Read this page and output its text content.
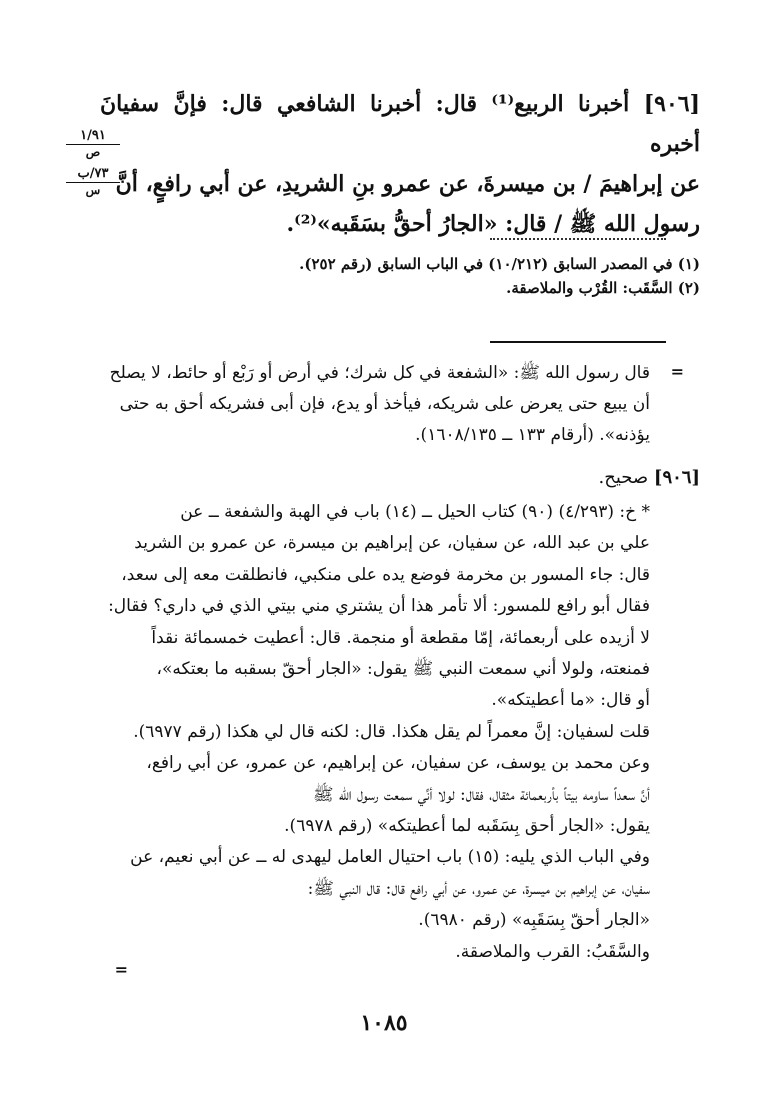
[٩٠٦] أخبرنا الربيع⁽¹⁾ قال: أخبرنا الشافعي قال: فإنَّ سفيانَ أخبره

عن إبراهيمَ / بن ميسرةَ، عن عمرو بنِ الشريدِ، عن أبي رافعٍ، أنَّ

رسول الله ﷺ / قال: «الجارُ أحقُّ بسَقَبه»⁽²⁾.

١/٩١
ص
٧٣/ب
س

(١) في المصدر السابق (١٠/٢١٢) في الباب السابق (رقم ٢٥٢).

(٢) السَّقَب: القُرْب والملاصقة.

=

قال رسول الله ﷺ: «الشفعة في كل شرك؛ في أرض أو رَبْع أو حائط، لا يصلح

أن يبيع حتى يعرض على شريكه، فيأخذ أو يدع، فإن أبى فشريكه أحق به حتى

يؤذنه». (أرقام ١٣٣ ــ ١٦٠٨/١٣٥).

[٩٠٦] صحيح.

* خ: (٤/٢٩٣) (٩٠) كتاب الحيل ــ (١٤) باب في الهبة والشفعة ــ عن

علي بن عبد الله، عن سفيان، عن إبراهيم بن ميسرة، عن عمرو بن الشريد

قال: جاء المسور بن مخرمة فوضع يده على منكبي، فانطلقت معه إلى سعد،

فقال أبو رافع للمسور: ألا تأمر هذا أن يشتري مني بيتي الذي في داري؟ فقال:

لا أزيده على أربعمائة، إمّا مقطعة أو منجمة. قال: أعطيت خمسمائة نقداً

فمنعته، ولولا أني سمعت النبي ﷺ يقول: «الجار أحقّ بسقبه ما بعتكه»،

أو قال: «ما أعطيتكه».

قلت لسفيان: إنَّ معمراً لم يقل هكذا. قال: لكنه قال لي هكذا (رقم ٦٩٧٧).

وعن محمد بن يوسف، عن سفيان، عن إبراهيم، عن عمرو، عن أبي رافع،

أنَّ سعداً ساومه بيتاً بأربعمائة مثقال، فقال: لولا أنِّي سمعت رسول الله ﷺ

يقول: «الجار أحق بِسَقَبه لما أعطيتكه» (رقم ٦٩٧٨).

وفي الباب الذي يليه: (١٥) باب احتيال العامل ليهدى له ــ عن أبي نعيم، عن

سفيان، عن إبراهيم بن ميسرة، عن عمرو، عن أبي رافع قال: قال النبي ﷺ:

«الجار أحقّ بِسَقَبِه» (رقم ٦٩٨٠).

والسَّقَبُ: القرب والملاصقة.

=
١٠٨٥
